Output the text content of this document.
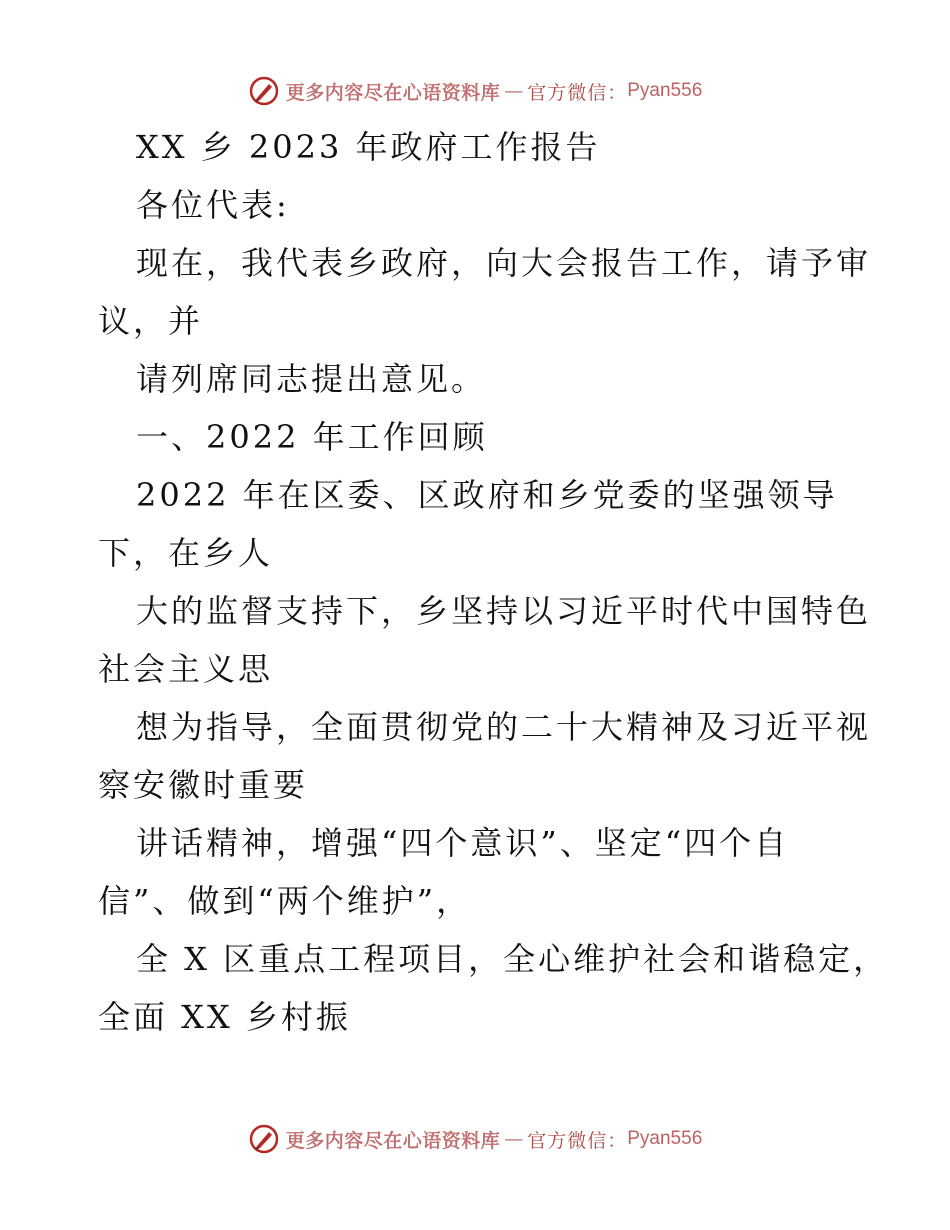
更多内容尽在心语资料库 — 官方微信： Pyan556
XX 乡 2023 年政府工作报告
各位代表:
现在，我代表乡政府，向大会报告工作，请予审
议，并
请列席同志提出意见。
一、2022 年工作回顾
2022 年在区委、区政府和乡党委的坚强领导
下，在乡人
大的监督支持下，乡坚持以习近平时代中国特色
社会主义思
想为指导，全面贯彻党的二十大精神及习近平视
察安徽时重要
讲话精神，增强“四个意识”、坚定“四个自
信”、做到“两个维护”，
全 X 区重点工程项目，全心维护社会和谐稳定，
全面 XX 乡村振
更多内容尽在心语资料库 — 官方微信： Pyan556
